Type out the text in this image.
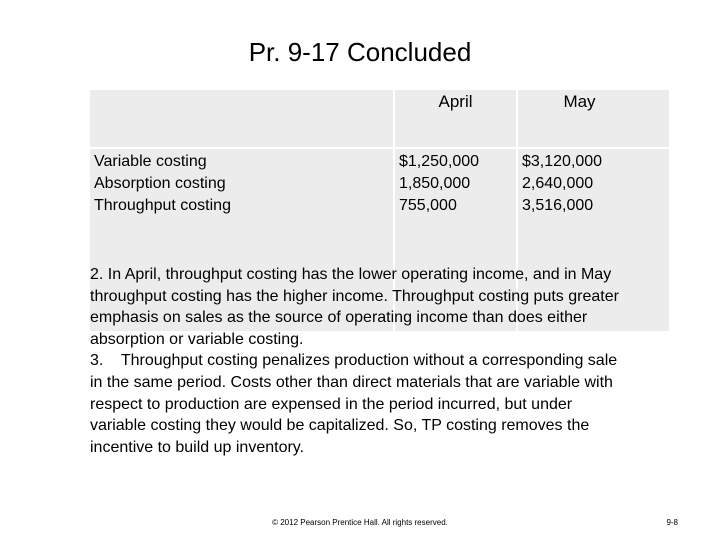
Pr. 9-17 Concluded
April	May
Variable costing
Absorption costing
Throughput costing
$1,250,000
1,850,000
755,000
$3,120,000
2,640,000
3,516,000
2. In April, throughput costing has the lower operating income, and in May throughput costing has the higher income. Throughput costing puts greater emphasis on sales as the source of operating income than does either absorption or variable costing.
3.    Throughput costing penalizes production without a corresponding sale in the same period. Costs other than direct materials that are variable with respect to production are expensed in the period incurred, but under variable costing they would be capitalized. So, TP costing removes the incentive to build up inventory.
© 2012 Pearson Prentice Hall. All rights reserved.	9-8
